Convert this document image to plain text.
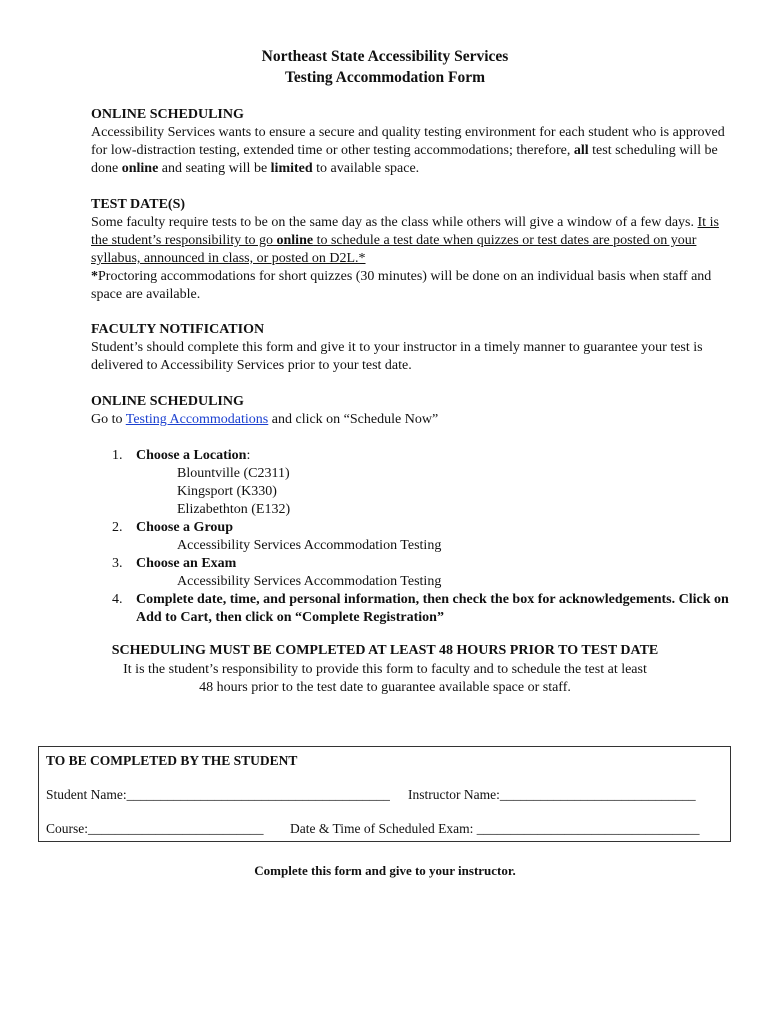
Northeast State Accessibility Services
Testing Accommodation Form
ONLINE SCHEDULING
Accessibility Services wants to ensure a secure and quality testing environment for each student who is approved for low-distraction testing, extended time or other testing accommodations; therefore, all test scheduling will be done online and seating will be limited to available space.
TEST DATE(S)
Some faculty require tests to be on the same day as the class while others will give a window of a few days. It is the student’s responsibility to go online to schedule a test date when quizzes or test dates are posted on your syllabus, announced in class, or posted on D2L.*
*Proctoring accommodations for short quizzes (30 minutes) will be done on an individual basis when staff and space are available.
FACULTY NOTIFICATION
Student’s should complete this form and give it to your instructor in a timely manner to guarantee your test is delivered to Accessibility Services prior to your test date.
ONLINE SCHEDULING
Go to Testing Accommodations and click on “Schedule Now”
1. Choose a Location:
Blountville (C2311)
Kingsport (K330)
Elizabethton (E132)
2. Choose a Group
Accessibility Services Accommodation Testing
3. Choose an Exam
Accessibility Services Accommodation Testing
4. Complete date, time, and personal information, then check the box for acknowledgements. Click on Add to Cart, then click on “Complete Registration”
SCHEDULING MUST BE COMPLETED AT LEAST 48 HOURS PRIOR TO TEST DATE
It is the student’s responsibility to provide this form to faculty and to schedule the test at least
48 hours prior to the test date to guarantee available space or staff.
TO BE COMPLETED BY THE STUDENT
Student Name:_______________________________________ Instructor Name:_____________________________
Course:__________________________ Date & Time of Scheduled Exam: _________________________________
Complete this form and give to your instructor.
